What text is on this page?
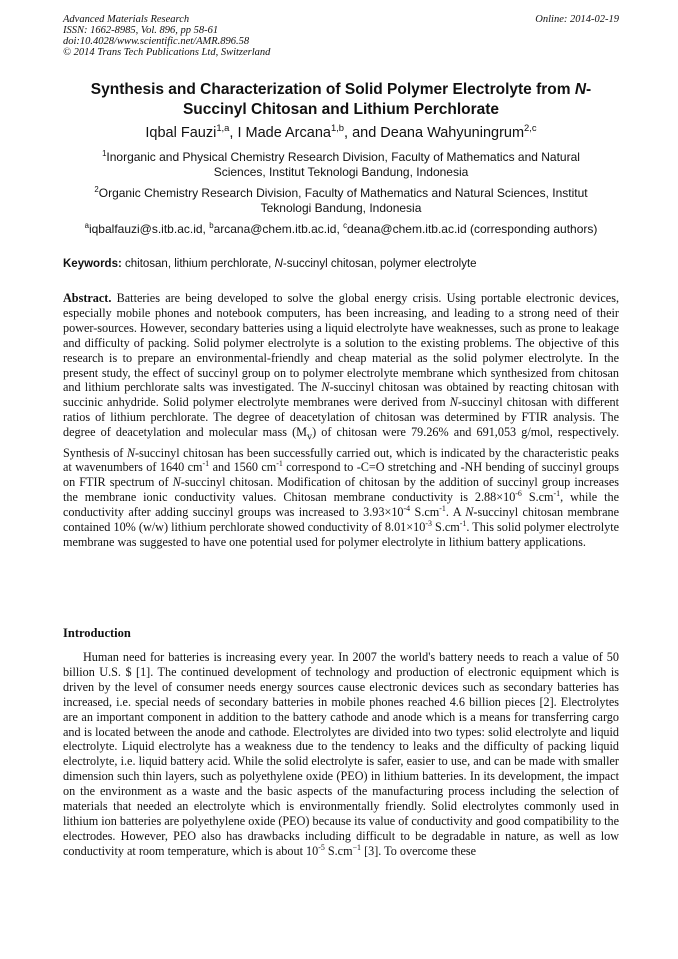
Advanced Materials Research
ISSN: 1662-8985, Vol. 896, pp 58-61
doi:10.4028/www.scientific.net/AMR.896.58
© 2014 Trans Tech Publications Ltd, Switzerland
Online: 2014-02-19
Synthesis and Characterization of Solid Polymer Electrolyte from N-
Succinyl Chitosan and Lithium Perchlorate
Iqbal Fauzi$^{1,a}$, I Made Arcana$^{1,b}$, and Deana Wahyuningrum$^{2,c}$
$^1$Inorganic and Physical Chemistry Research Division, Faculty of Mathematics and Natural
Sciences, Institut Teknologi Bandung, Indonesia
$^2$Organic Chemistry Research Division, Faculty of Mathematics and Natural Sciences, Institut
Teknologi Bandung, Indonesia
$^a$iqbalfauzi@s.itb.ac.id, $^b$arcana@chem.itb.ac.id, $^c$deana@chem.itb.ac.id (corresponding authors)
Keywords: chitosan, lithium perchlorate, N-succinyl chitosan, polymer electrolyte
Abstract. Batteries are being developed to solve the global energy crisis. Using portable electronic devices, especially mobile phones and notebook computers, has been increasing, and leading to a strong need of their power-sources. However, secondary batteries using a liquid electrolyte have weaknesses, such as prone to leakage and difficulty of packing. Solid polymer electrolyte is a solution to the existing problems. The objective of this research is to prepare an environmental-friendly and cheap material as the solid polymer electrolyte. In the present study, the effect of succinyl group on to polymer electrolyte membrane which synthesized from chitosan and lithium perchlorate salts was investigated. The N-succinyl chitosan was obtained by reacting chitosan with succinic anhydride. Solid polymer electrolyte membranes were derived from N-succinyl chitosan with different ratios of lithium perchlorate. The degree of deacetylation of chitosan was determined by FTIR analysis. The degree of deacetylation and molecular mass $(M_v)$ of chitosan were 79.26% and 691,053 g/mol, respectively. Synthesis of N-succinyl chitosan has been successfully carried out, which is indicated by the characteristic peaks at wavenumbers of 1640 $cm^{-1}$ and 1560 $cm^{-1}$ correspond to -C=O stretching and -NH bending of succinyl groups on FTIR spectrum of N-succinyl chitosan. Modification of chitosan by the addition of succinyl group increases the membrane ionic conductivity values. Chitosan membrane conductivity is $2.88\times 10^{-6}$ $S.cm^{-1}$, while the conductivity after adding succinyl groups was increased to $3.93\times 10^{-4}$ $S.cm^{-1}$. A N-succinyl chitosan membrane contained 10% (w/w) lithium perchlorate showed conductivity of $8.01\times 10^{-3}$ $S.cm^{-1}$. This solid polymer electrolyte membrane was suggested to have one potential used for polymer electrolyte in lithium battery applications.
Introduction
Human need for batteries is increasing every year. In 2007 the world's battery needs to reach a value of 50 billion U.S. $ [1]. The continued development of technology and production of electronic equipment which is driven by the level of consumer needs energy sources cause electronic devices such as secondary batteries has increased, i.e. special needs of secondary batteries in mobile phones reached 4.6 billion pieces [2]. Electrolytes are an important component in addition to the battery cathode and anode which is a means for transferring cargo and is located between the anode and cathode. Electrolytes are divided into two types: solid electrolyte and liquid electrolyte. Liquid electrolyte has a weakness due to the tendency to leaks and the difficulty of packing liquid electrolyte, i.e. liquid battery acid. While the solid electrolyte is safer, easier to use, and can be made with smaller dimension such thin layers, such as polyethylene oxide (PEO) in lithium batteries. In its development, the impact on the environment as a waste and the basic aspects of the manufacturing process including the selection of materials that needed an electrolyte which is environmentally friendly. Solid electrolytes commonly used in lithium ion batteries are polyethylene oxide (PEO) because its value of conductivity and good compatibility to the electrodes. However, PEO also has drawbacks including difficult to be degradable in nature, as well as low conductivity at room temperature, which is about $10^{-5}$ $S.cm^{-1}$ [3]. To overcome these
